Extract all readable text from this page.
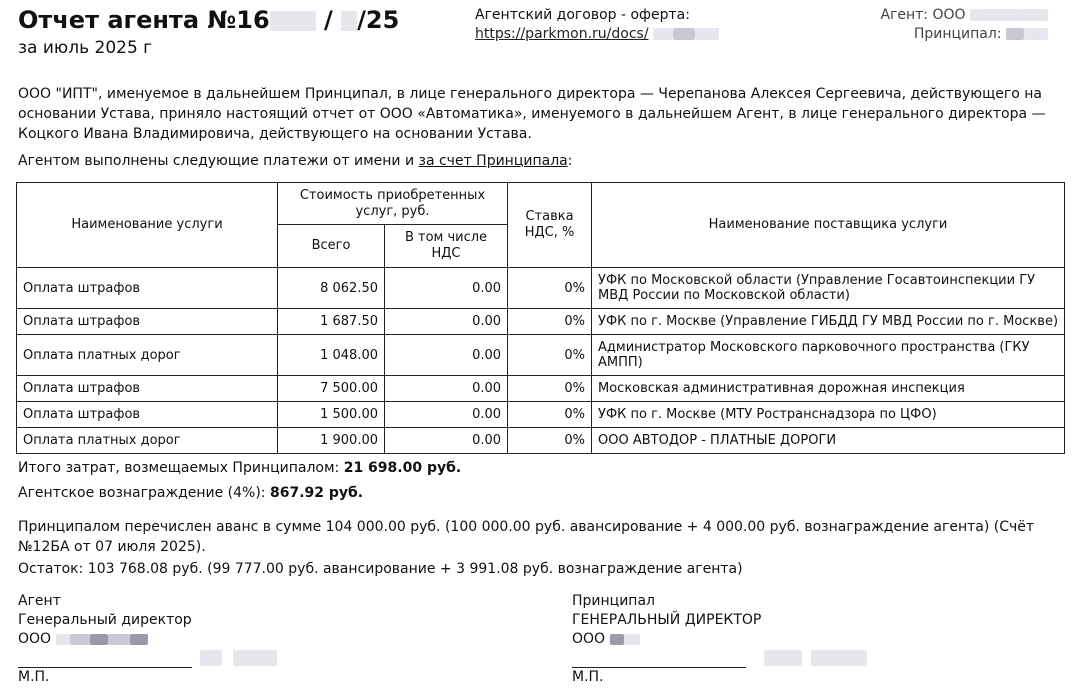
Отчет агента №16 / /25
за июль 2025 г
Агентский договор - оферта:
https://parkmon.ru/docs/
Агент: ООО
Принципал:
ООО "ИПТ", именуемое в дальнейшем Принципал, в лице генерального директора — Черепанова Алексея Сергеевича, действующего на основании Устава, приняло настоящий отчет от ООО «Автоматика», именуемого в дальнейшем Агент, в лице генерального директора — Коцкого Ивана Владимировича, действующего на основании Устава.
Агентом выполнены следующие платежи от имени и за счет Принципала:
Наименование услуги	Стоимость приобретенных услуг, руб.		Ставка НДС, %	Наименование поставщика услуги
	Всего	В том числе НДС		
Оплата штрафов	8 062.50	0.00	0%	УФК по Московской области (Управление Госавтоинспекции ГУ МВД России по Московской области)
Оплата штрафов	1 687.50	0.00	0%	УФК по г. Москве (Управление ГИБДД ГУ МВД России по г. Москве)
Оплата платных дорог	1 048.00	0.00	0%	Администратор Московского парковочного пространства (ГКУ АМПП)
Оплата штрафов	7 500.00	0.00	0%	Московская административная дорожная инспекция
Оплата штрафов	1 500.00	0.00	0%	УФК по г. Москве (МТУ Ространснадзора по ЦФО)
Оплата платных дорог	1 900.00	0.00	0%	ООО АВТОДОР - ПЛАТНЫЕ ДОРОГИ
Итого затрат, возмещаемых Принципалом: 21 698.00 руб.
Агентское вознаграждение (4%): 867.92 руб.
Принципалом перечислен аванс в сумме 104 000.00 руб. (100 000.00 руб. авансирование + 4 000.00 руб. вознаграждение агента) (Счёт №12БА от 07 июля 2025).
Остаток: 103 768.08 руб. (99 777.00 руб. авансирование + 3 991.08 руб. вознаграждение агента)
Агент
Генеральный директор
ООО

М.П.
Принципал
ГЕНЕРАЛЬНЫЙ ДИРЕКТОР
ООО

М.П.
